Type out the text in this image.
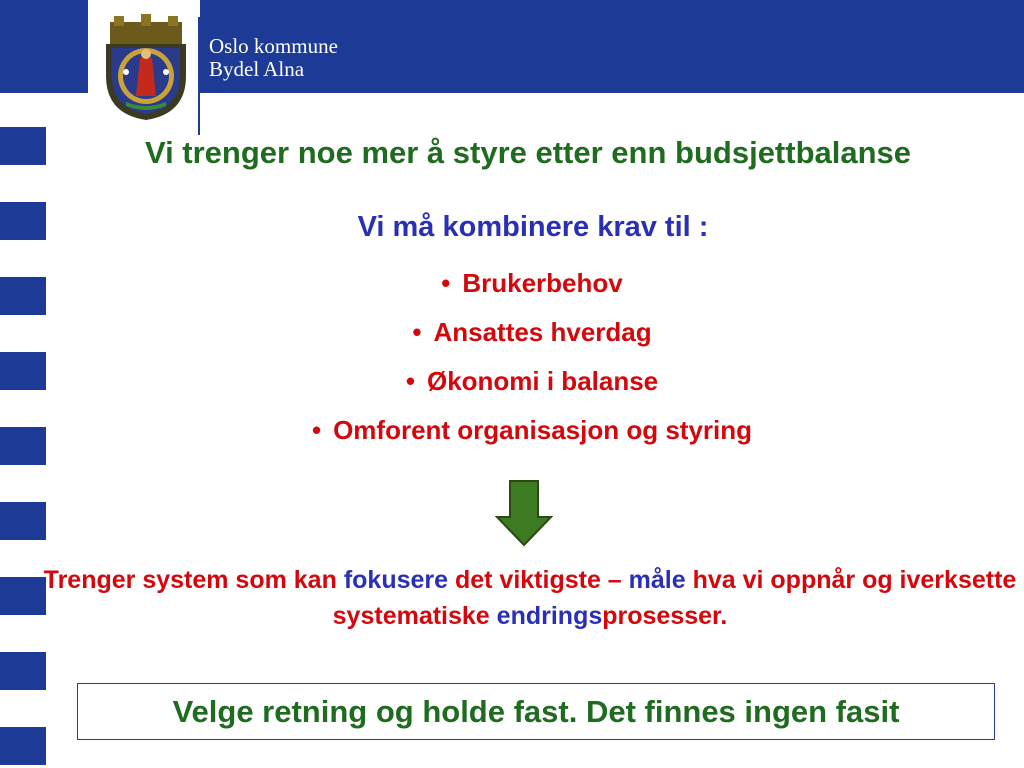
Oslo kommune
Bydel Alna
Vi trenger noe mer å styre etter enn budsjettbalanse
Vi må kombinere krav til :
• Brukerbehov
• Ansattes hverdag
• Økonomi i balanse
• Omforent organisasjon og styring
Trenger system som kan fokusere det viktigste – måle hva vi oppnår og iverksette systematiske endringsprosesser.
Velge retning og holde fast. Det finnes ingen fasit
